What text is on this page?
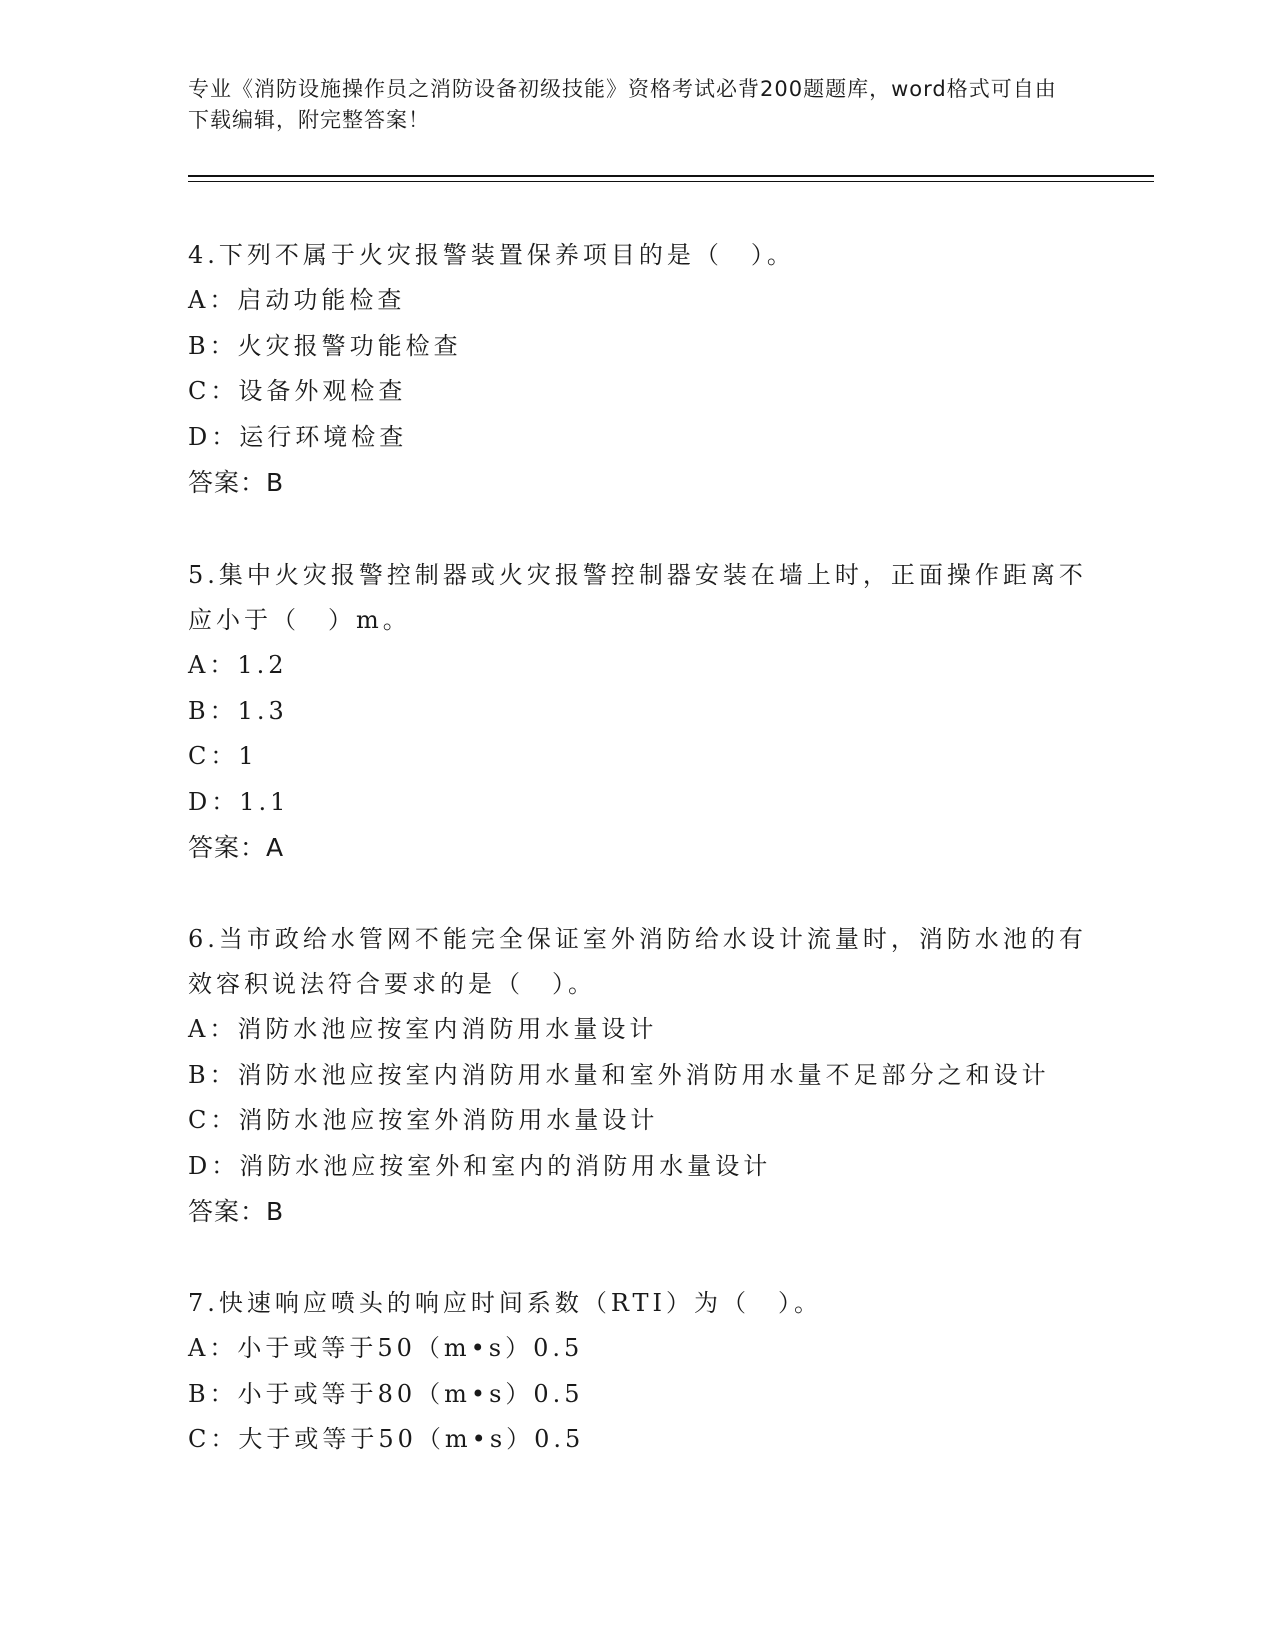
专业《消防设施操作员之消防设备初级技能》资格考试必背200题题库，word格式可自由下载编辑，附完整答案！
4.下列不属于火灾报警装置保养项目的是（　）。
A：启动功能检查
B：火灾报警功能检查
C：设备外观检查
D：运行环境检查
答案：B
5.集中火灾报警控制器或火灾报警控制器安装在墙上时，正面操作距离不应小于（　）m。
A：1.2
B：1.3
C：1
D：1.1
答案：A
6.当市政给水管网不能完全保证室外消防给水设计流量时，消防水池的有效容积说法符合要求的是（　）。
A：消防水池应按室内消防用水量设计
B：消防水池应按室内消防用水量和室外消防用水量不足部分之和设计
C：消防水池应按室外消防用水量设计
D：消防水池应按室外和室内的消防用水量设计
答案：B
7.快速响应喷头的响应时间系数（RTI）为（　）。
A：小于或等于50（m•s）0.5
B：小于或等于80（m•s）0.5
C：大于或等于50（m•s）0.5
